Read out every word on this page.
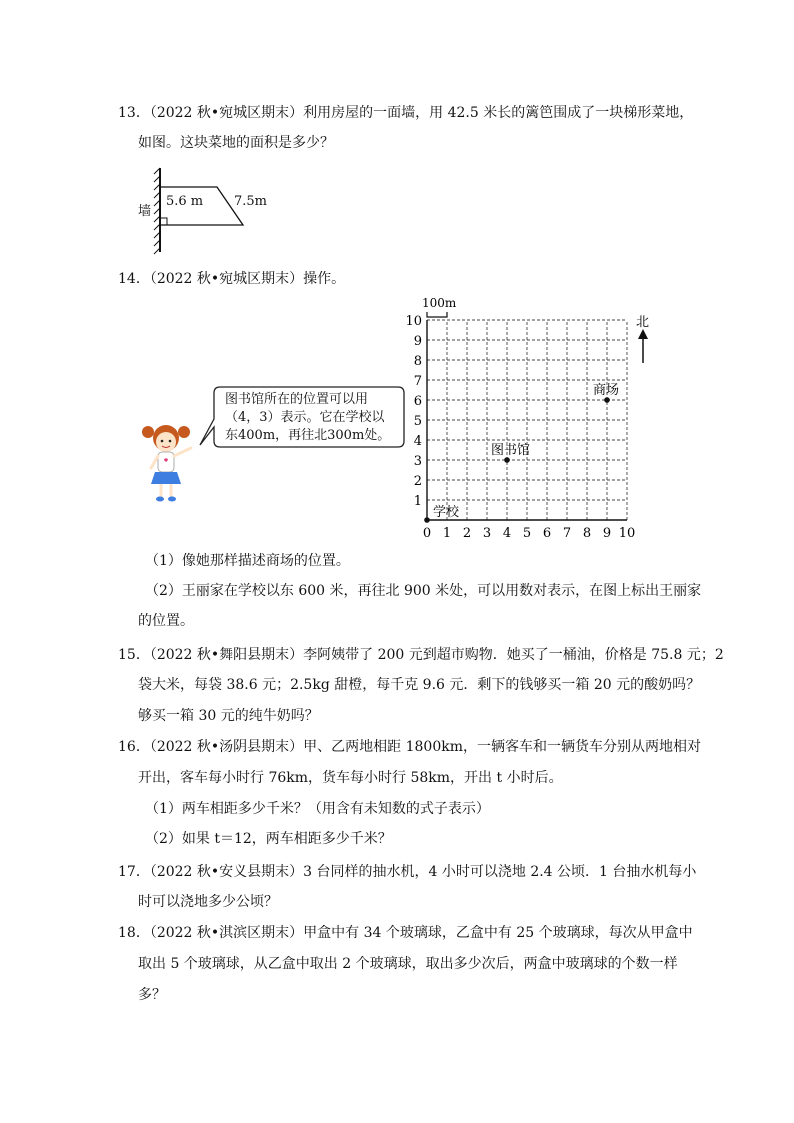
13．（2022 秋•宛城区期末）利用房屋的一面墙，用 42.5 米长的篱笆围成了一块梯形菜地，
如图。这块菜地的面积是多少？
墙
5.6 m 7.5m
14．（2022 秋•宛城区期末）操作。
图书馆所在的位置可以用（4，3）表示。它在学校以东400m，再往北300m处。
0 1 2 3 4 5 6 7 8 9 10
1
2
3
4
5
6
7
8
9
10
学校
图书馆
商场
100m
北
（1）像她那样描述商场的位置。
（2）王丽家在学校以东 600 米，再往北 900 米处，可以用数对表示，在图上标出王丽家
的位置。
15．（2022 秋•舞阳县期末）李阿姨带了 200 元到超市购物．她买了一桶油，价格是 75.8 元；2
袋大米，每袋 38.6 元；2.5kg 甜橙，每千克 9.6 元．剩下的钱够买一箱 20 元的酸奶吗？
够买一箱 30 元的纯牛奶吗？
16．（2022 秋•汤阴县期末）甲、乙两地相距 1800km，一辆客车和一辆货车分别从两地相对
开出，客车每小时行 76km，货车每小时行 58km，开出 t 小时后。
（1）两车相距多少千米？（用含有未知数的式子表示）
（2）如果 t＝12，两车相距多少千米？
17．（2022 秋•安义县期末）3 台同样的抽水机，4 小时可以浇地 2.4 公顷．1 台抽水机每小
时可以浇地多少公顷？
18．（2022 秋•淇滨区期末）甲盒中有 34 个玻璃球，乙盒中有 25 个玻璃球，每次从甲盒中
取出 5 个玻璃球，从乙盒中取出 2 个玻璃球，取出多少次后，两盒中玻璃球的个数一样
多？
